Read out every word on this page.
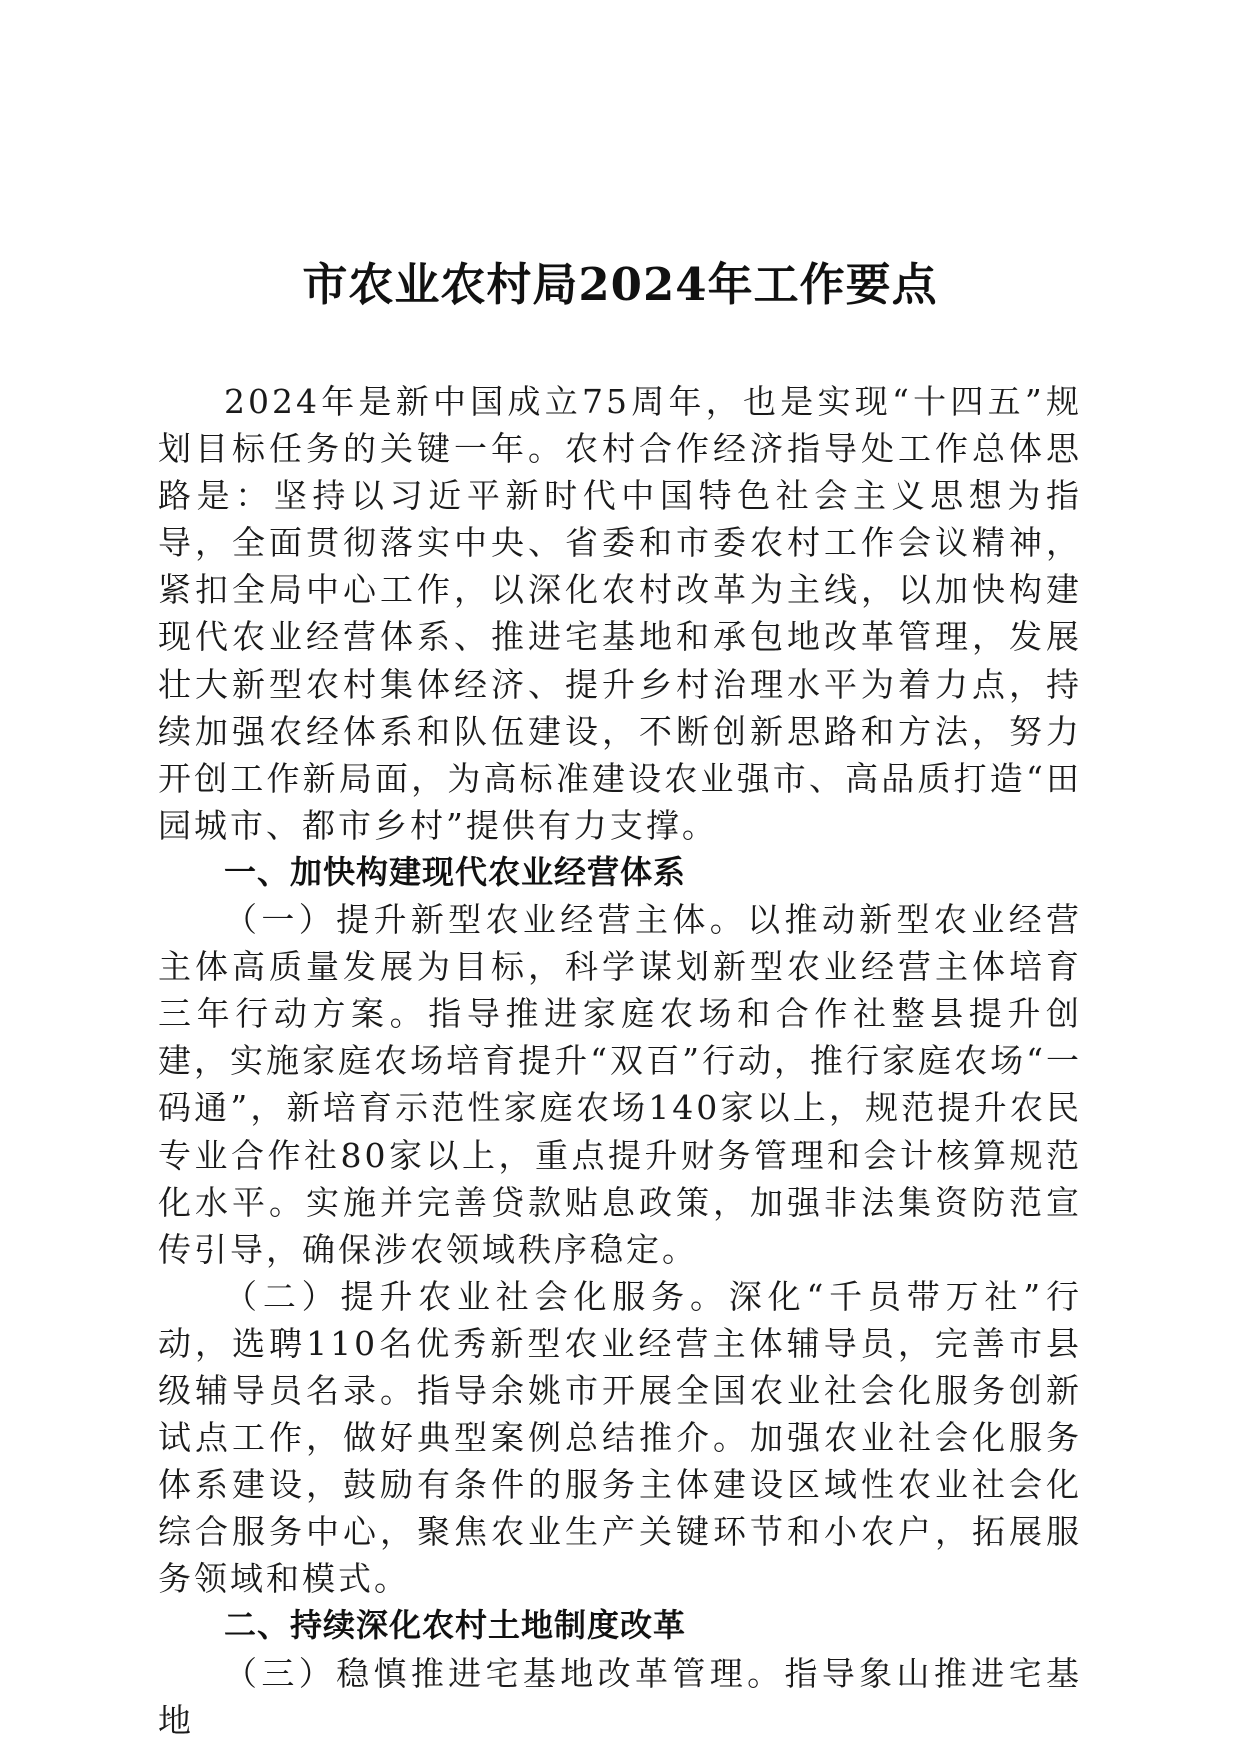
市农业农村局2024年工作要点

2024年是新中国成立75周年，也是实现“十四五”规划目标任务的关键一年。农村合作经济指导处工作总体思路是：坚持以习近平新时代中国特色社会主义思想为指导，全面贯彻落实中央、省委和市委农村工作会议精神，紧扣全局中心工作，以深化农村改革为主线，以加快构建现代农业经营体系、推进宅基地和承包地改革管理，发展壮大新型农村集体经济、提升乡村治理水平为着力点，持续加强农经体系和队伍建设，不断创新思路和方法，努力开创工作新局面，为高标准建设农业强市、高品质打造“田园城市、都市乡村”提供有力支撑。

一、加快构建现代农业经营体系

（一）提升新型农业经营主体。以推动新型农业经营主体高质量发展为目标，科学谋划新型农业经营主体培育三年行动方案。指导推进家庭农场和合作社整县提升创建，实施家庭农场培育提升“双百”行动，推行家庭农场“一码通”，新培育示范性家庭农场140家以上，规范提升农民专业合作社80家以上，重点提升财务管理和会计核算规范化水平。实施并完善贷款贴息政策，加强非法集资防范宣传引导，确保涉农领域秩序稳定。

（二）提升农业社会化服务。深化“千员带万社”行动，选聘110名优秀新型农业经营主体辅导员，完善市县级辅导员名录。指导余姚市开展全国农业社会化服务创新试点工作，做好典型案例总结推介。加强农业社会化服务体系建设，鼓励有条件的服务主体建设区域性农业社会化综合服务中心，聚焦农业生产关键环节和小农户，拓展服务领域和模式。

二、持续深化农村土地制度改革

（三）稳慎推进宅基地改革管理。指导象山推进宅基地
